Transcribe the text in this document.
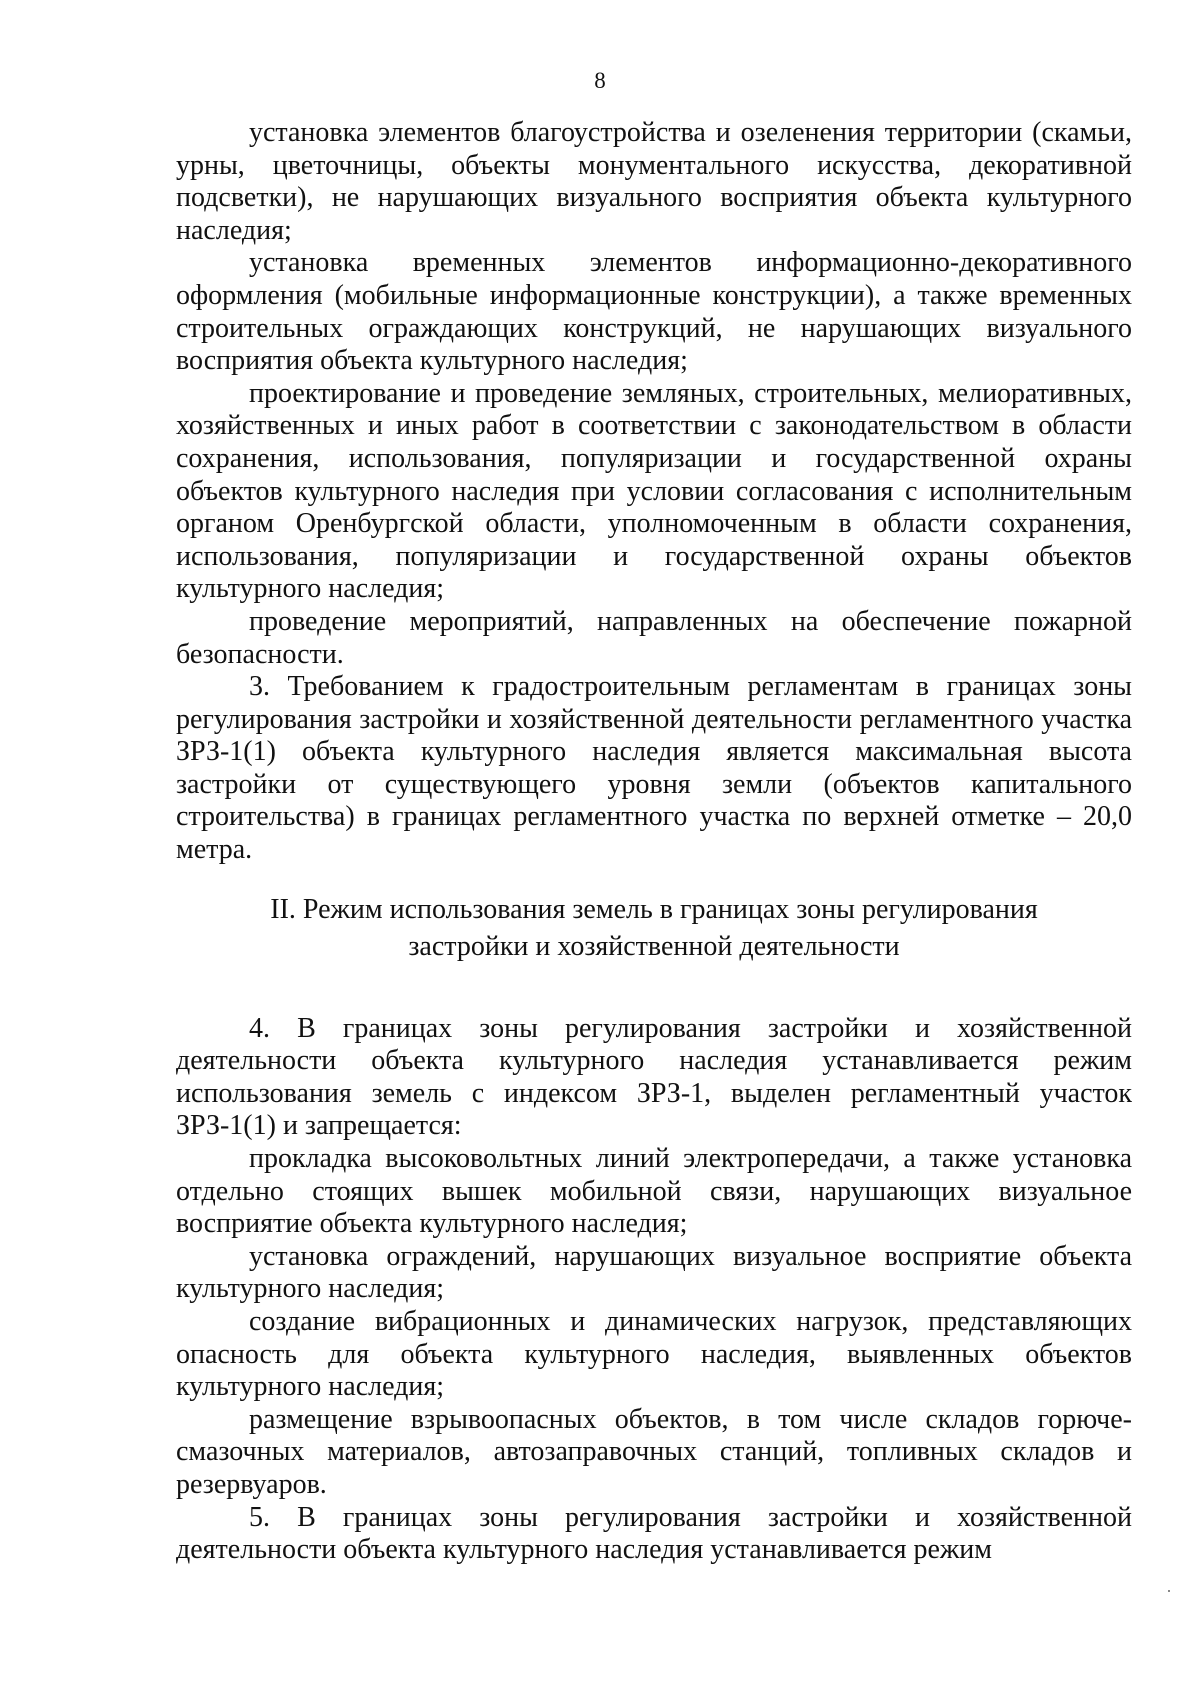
8

установка элементов благоустройства и озеленения территории (скамьи, урны, цветочницы, объекты монументального искусства, декоративной подсветки), не нарушающих визуального восприятия объекта культурного наследия;

установка временных элементов информационно-декоративного оформления (мобильные информационные конструкции), а также временных строительных ограждающих конструкций, не нарушающих визуального восприятия объекта культурного наследия;

проектирование и проведение земляных, строительных, мелиоративных, хозяйственных и иных работ в соответствии с законодательством в области сохранения, использования, популяризации и государственной охраны объектов культурного наследия при условии согласования с исполнительным органом Оренбургской области, уполномоченным в области сохранения, использования, популяризации и государственной охраны объектов культурного наследия;

проведение мероприятий, направленных на обеспечение пожарной безопасности.

3. Требованием к градостроительным регламентам в границах зоны регулирования застройки и хозяйственной деятельности регламентного участка ЗРЗ-1(1) объекта культурного наследия является максимальная высота застройки от существующего уровня земли (объектов капитального строительства) в границах регламентного участка по верхней отметке – 20,0 метра.

II. Режим использования земель в границах зоны регулирования
застройки и хозяйственной деятельности

4. В границах зоны регулирования застройки и хозяйственной деятельности объекта культурного наследия устанавливается режим использования земель с индексом ЗРЗ-1, выделен регламентный участок ЗРЗ-1(1) и запрещается:

прокладка высоковольтных линий электропередачи, а также установка отдельно стоящих вышек мобильной связи, нарушающих визуальное восприятие объекта культурного наследия;

установка ограждений, нарушающих визуальное восприятие объекта культурного наследия;

создание вибрационных и динамических нагрузок, представляющих опасность для объекта культурного наследия, выявленных объектов культурного наследия;

размещение взрывоопасных объектов, в том числе складов горюче-смазочных материалов, автозаправочных станций, топливных складов и резервуаров.

5. В границах зоны регулирования застройки и хозяйственной деятельности объекта культурного наследия устанавливается режим
